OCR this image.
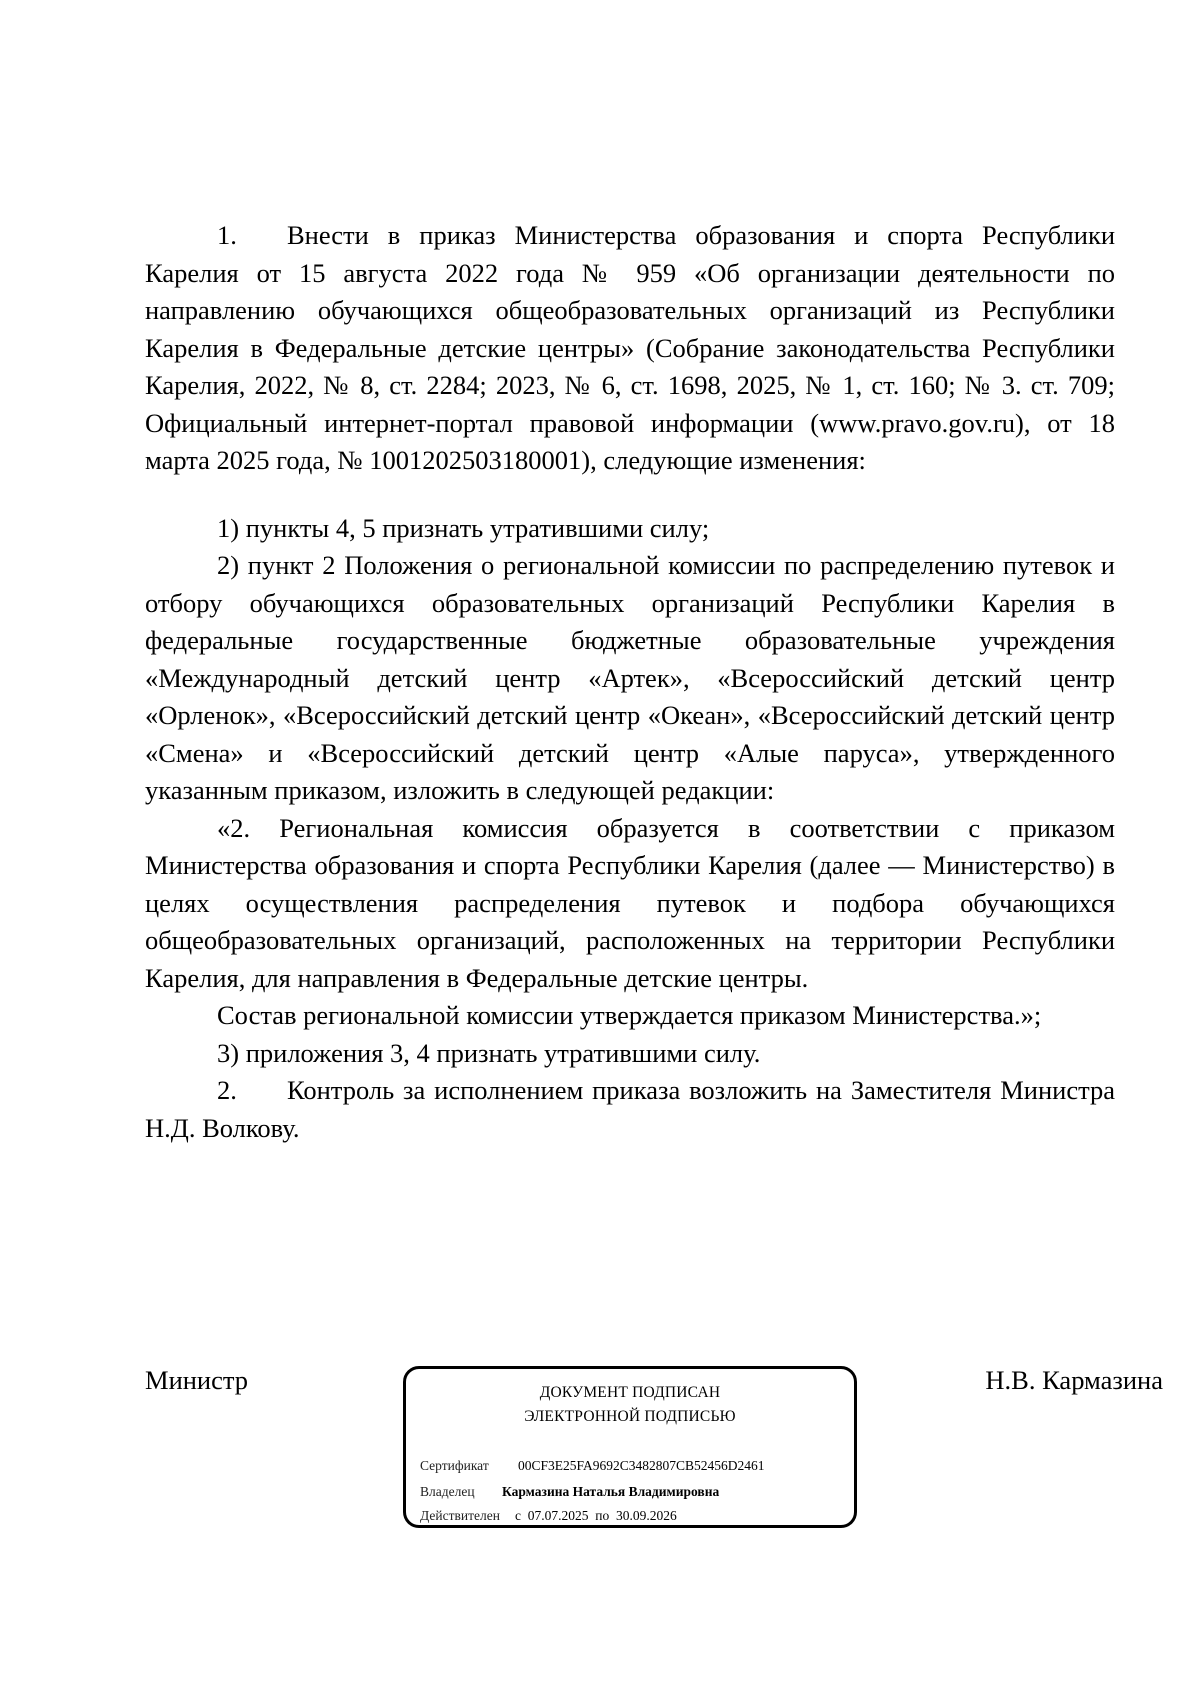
1. Внести в приказ Министерства образования и спорта Республики Карелия от 15 августа 2022 года № 959 «Об организации деятельности по направлению обучающихся общеобразовательных организаций из Республики Карелия в Федеральные детские центры» (Собрание законодательства Республики Карелия, 2022, № 8, ст. 2284; 2023, № 6, ст. 1698, 2025, № 1, ст. 160; № 3. ст. 709; Официальный интернет-портал правовой информации (www.pravo.gov.ru), от 18 марта 2025 года, № 1001202503180001), следующие изменения:

1) пункты 4, 5 признать утратившими силу;

2) пункт 2 Положения о региональной комиссии по распределению путевок и отбору обучающихся образовательных организаций Республики Карелия в федеральные государственные бюджетные образовательные учреждения «Международный детский центр «Артек», «Всероссийский детский центр «Орленок», «Всероссийский детский центр «Океан», «Всероссийский детский центр «Смена» и «Всероссийский детский центр «Алые паруса», утвержденного указанным приказом, изложить в следующей редакции:

«2. Региональная комиссия образуется в соответствии с приказом Министерства образования и спорта Республики Карелия (далее — Министерство) в целях осуществления распределения путевок и подбора обучающихся общеобразовательных организаций, расположенных на территории Республики Карелия, для направления в Федеральные детские центры.

Состав региональной комиссии утверждается приказом Министерства.»;

3) приложения 3, 4 признать утратившими силу.

2. Контроль за исполнением приказа возложить на Заместителя Министра Н.Д. Волкову.

Министр	ДОКУМЕНТ ПОДПИСАН
ЭЛЕКТРОННОЙ ПОДПИСЬЮ
Сертификат 00CF3E25FA9692C3482807CB52456D2461
Владелец Кармазина Наталья Владимировна
Действителен с 07.07.2025 по 30.09.2026
Н.В. Кармазина
